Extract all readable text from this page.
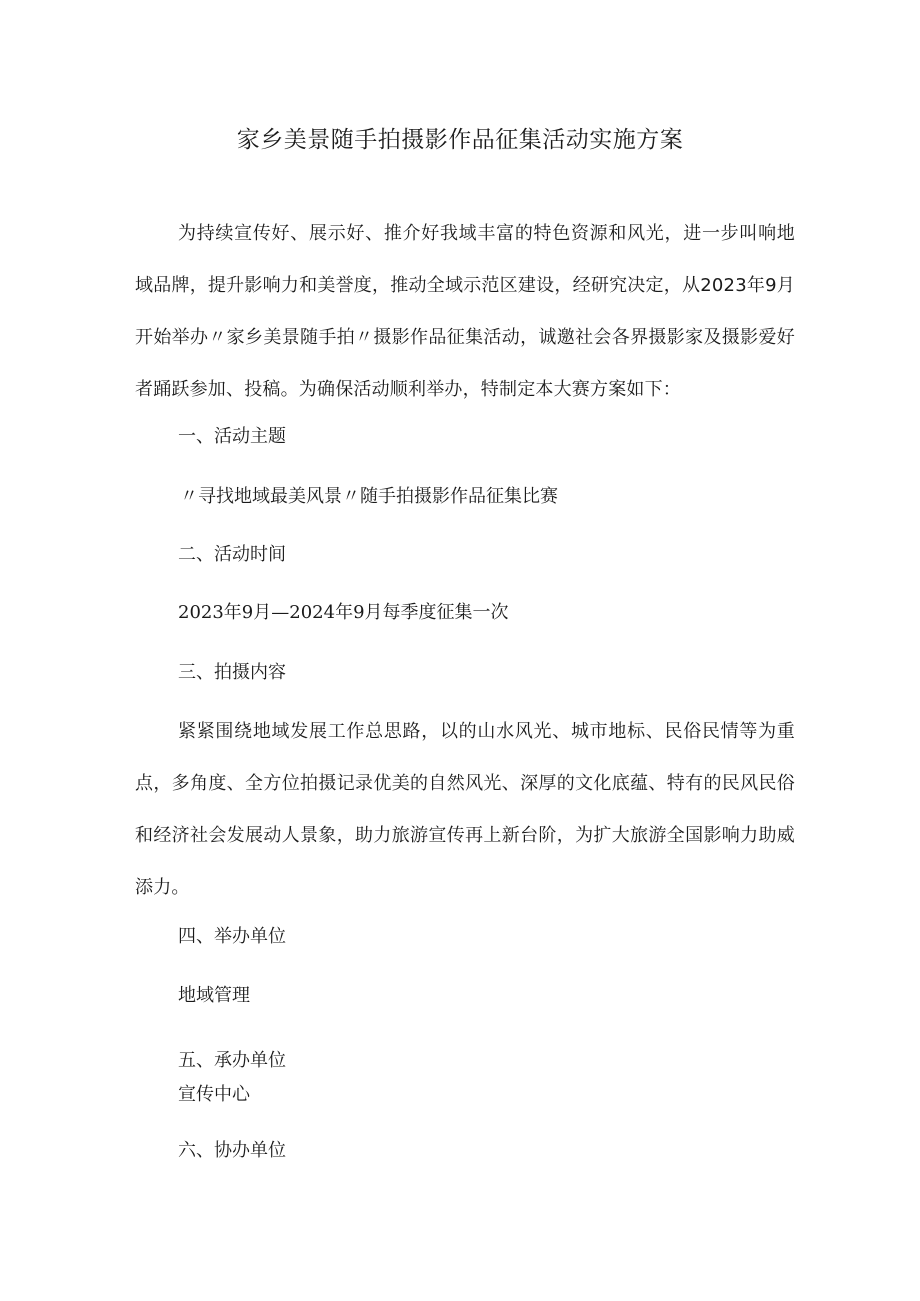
家乡美景随手拍摄影作品征集活动实施方案
为持续宣传好、展示好、推介好我域丰富的特色资源和风光，进一步叫响地域品牌，提升影响力和美誉度，推动全域示范区建设，经研究决定，从2023年9月开始举办〃家乡美景随手拍〃摄影作品征集活动，诚邀社会各界摄影家及摄影爱好者踊跃参加、投稿。为确保活动顺利举办，特制定本大赛方案如下：
一、活动主题
〃寻找地域最美风景〃随手拍摄影作品征集比赛
二、活动时间
2023年9月—2024年9月每季度征集一次
三、拍摄内容
紧紧围绕地域发展工作总思路，以的山水风光、城市地标、民俗民情等为重点，多角度、全方位拍摄记录优美的自然风光、深厚的文化底蕴、特有的民风民俗和经济社会发展动人景象，助力旅游宣传再上新台阶，为扩大旅游全国影响力助威添力。
四、举办单位
地域管理
五、承办单位
宣传中心
六、协办单位
